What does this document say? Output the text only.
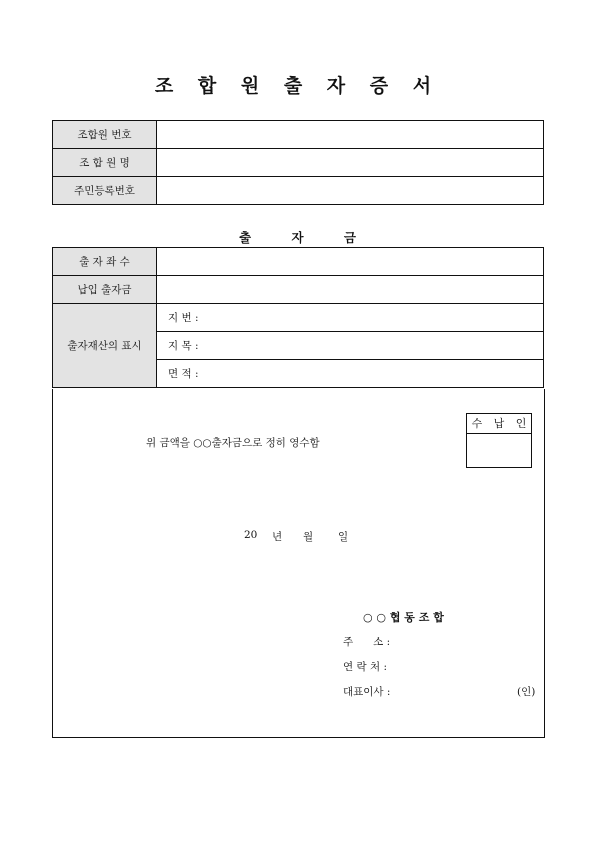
조 합 원 출 자 증 서
조합원 번호	
조 합 원 명	
주민등록번호	
출 자 금
출 자 좌 수	
납입 출자금	
출자재산의 표시	지 번 :
	지 목 :
	면 적 :
위 금액을 ○○출자금으로 정히 영수함
수 납 인
20 년 월 일
○ ○ 협 동 조 합
주      소 :
연 락 처 :
대표이사 :	(인)
